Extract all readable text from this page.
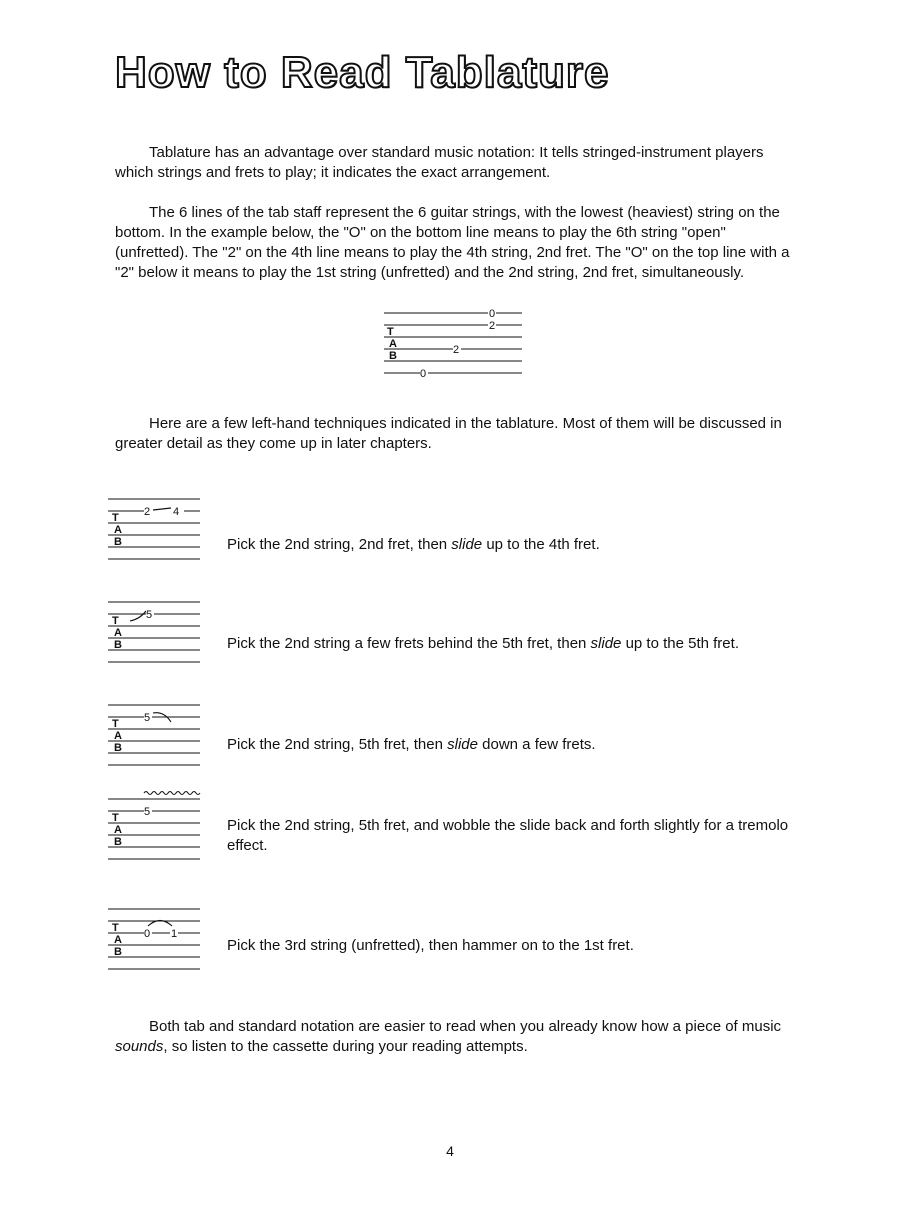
How to Read Tablature

Tablature has an advantage over standard music notation: It tells stringed-instrument players which strings and frets to play; it indicates the exact arrangement.

The 6 lines of the tab staff represent the 6 guitar strings, with the lowest (heaviest) string on the bottom. In the example below, the "O" on the bottom line means to play the 6th string "open" (unfretted). The "2" on the 4th line means to play the 4th string, 2nd fret. The "O" on the top line with a "2" below it means to play the 1st string (unfretted) and the 2nd string, 2nd fret, simultaneously.

T
A
B
0
2
0
2

Here are a few left-hand techniques indicated in the tablature. Most of them will be discussed in greater detail as they come up in later chapters.

T
A
B
2 4

Pick the 2nd string, 2nd fret, then slide up to the 4th fret.

T
A
B
5

Pick the 2nd string a few frets behind the 5th fret, then slide up to the 5th fret.

T
A
B
5

Pick the 2nd string, 5th fret, then slide down a few frets.

T
A
B
5

Pick the 2nd string, 5th fret, and wobble the slide back and forth slightly for a tremolo effect.

T
A
B
0 1

Pick the 3rd string (unfretted), then hammer on to the 1st fret.

Both tab and standard notation are easier to read when you already know how a piece of music sounds, so listen to the cassette during your reading attempts.

4
